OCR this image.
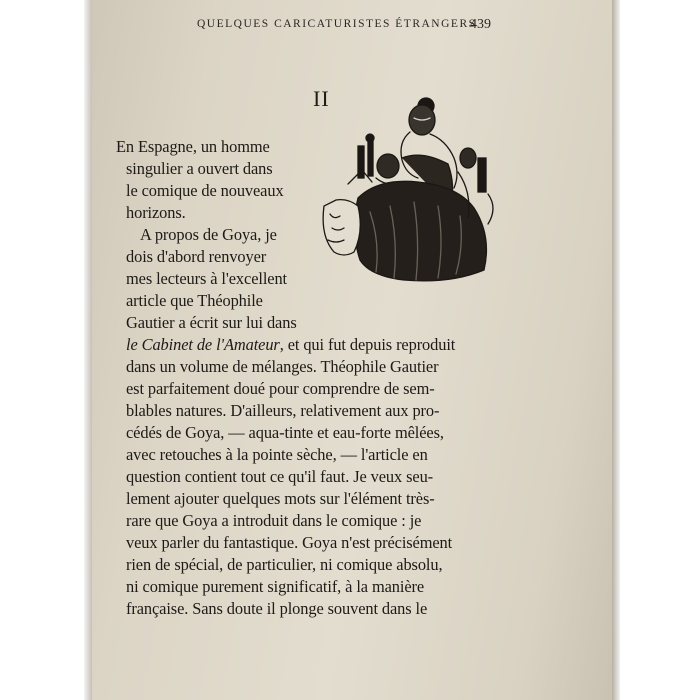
QUELQUES CARICATURISTES ÉTRANGERS
439
II
En Espagne, un homme
singulier a ouvert dans
le comique de nouveaux
horizons.
A propos de Goya, je
dois d'abord renvoyer
mes lecteurs à l'excellent
article que Théophile
Gautier a écrit sur lui dans
le Cabinet de l'Amateur, et qui fut depuis reproduit
dans un volume de mélanges. Théophile Gautier
est parfaitement doué pour comprendre de sem-
blables natures. D'ailleurs, relativement aux pro-
cédés de Goya, — aqua-tinte et eau-forte mêlées,
avec retouches à la pointe sèche, — l'article en
question contient tout ce qu'il faut. Je veux seu-
lement ajouter quelques mots sur l'élément très-
rare que Goya a introduit dans le comique : je
veux parler du fantastique. Goya n'est précisément
rien de spécial, de particulier, ni comique absolu,
ni comique purement significatif, à la manière
française. Sans doute il plonge souvent dans le
